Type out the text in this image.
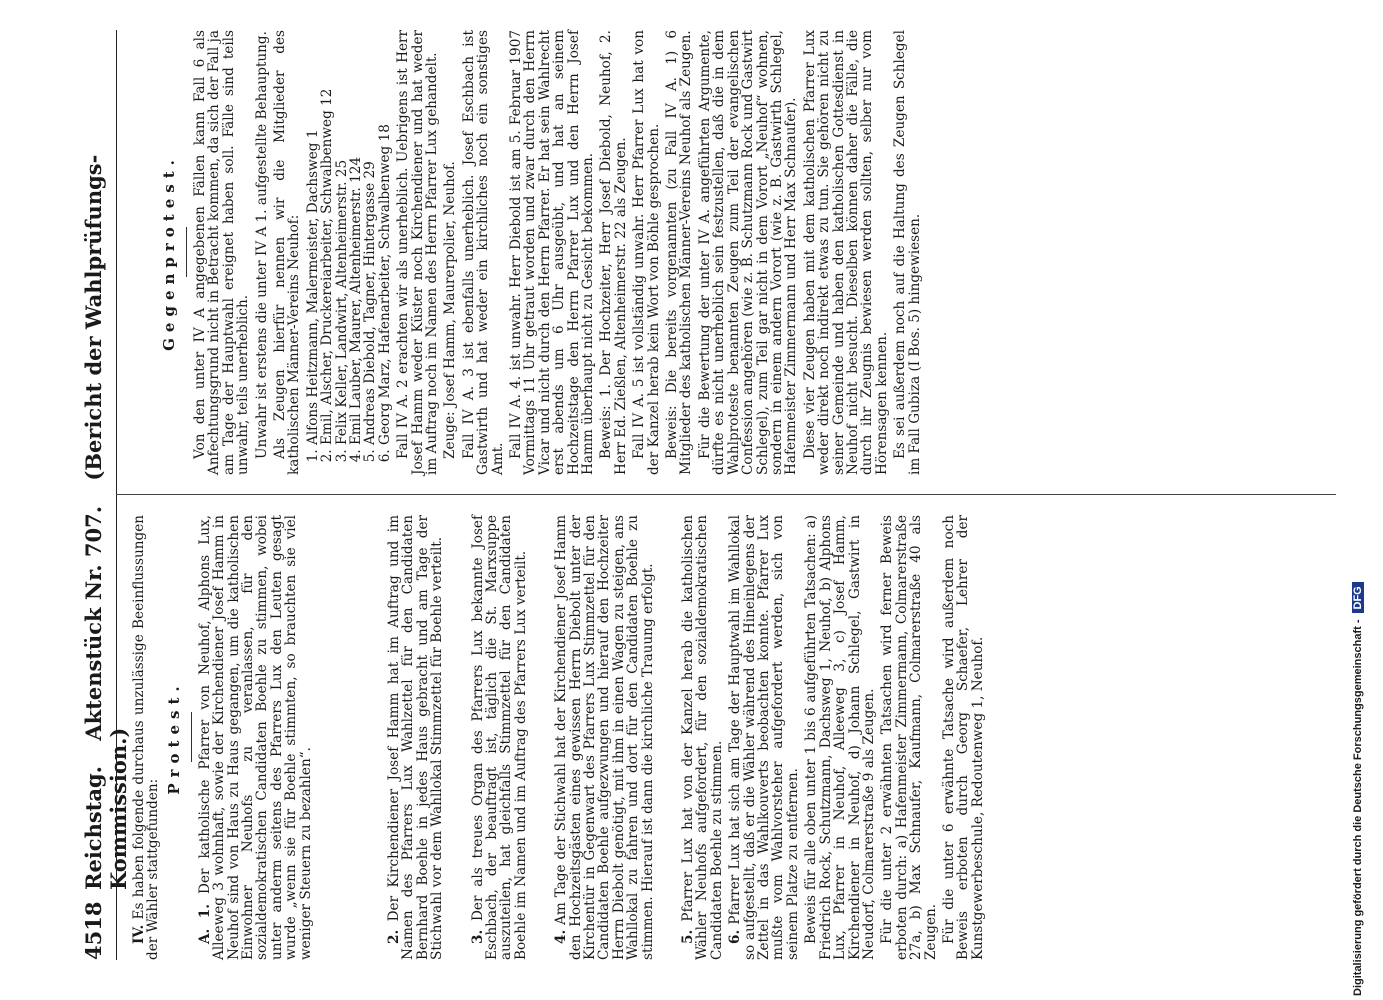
4518
Reichstag. Aktenstück Nr. 707. (Bericht der Wahlprüfungs-Kommission.)

IV. Es haben folgende durchaus unzulässige Beeinflussungen der Wähler stattgefunden:

Protest.

A. 1. Der katholische Pfarrer von Neuhof, Alphons Lux, Alleeweg 3 wohnhaft, sowie der Kirchendiener Josef Hamm in Neuhof sind von Haus zu Haus gegangen, um die katholischen Einwohner Neuhofs zu veranlassen, für den sozialdemokratischen Candidaten Boehle zu stimmen, wobei unter anderm seitens des Pfarrers Lux den Leuten gesagt wurde „wenn sie für Boehle stimmten, so brauchten sie viel weniger Steuern zu bezahlen“.	2. Der Kirchendiener Josef Hamm hat im Auftrag und im Namen des Pfarrers Lux Wahlzettel für den Candidaten Bernhard Boehle in jedes Haus gebracht und am Tage der Stichwahl vor dem Wahllokal Stimmzettel für Boehle verteilt. 3. Der als treues Organ des Pfarrers Lux bekannte Josef Eschbach, der beauftragt ist, täglich die St. Marxsuppe auszuteilen, hat gleichfalls Stimmzettel für den Candidaten Boehle im Namen und im Auftrag des Pfarrers Lux verteilt. 4. Am Tage der Stichwahl hat der Kirchendiener Josef Hamm den Hochzeitsgästen eines gewissen Herrn Diebolt unter der Kirchentür in Gegenwart des Pfarrers Lux Stimmzettel für den Candidaten Boehle aufgezwungen und hierauf den Hochzeiter Herrn Diebolt genötigt, mit ihm in einen Wagen zu steigen, ans Wahllokal zu fahren und dort für den Candidaten Boehle zu stimmen. Hierauf ist dann die kirchliche Trauung erfolgt. 5. Pfarrer Lux hat von der Kanzel herab die katholischen Wähler Neuhofs aufgefordert, für den sozialdemokratischen Candidaten Boehle zu stimmen. 6. Pfarrer Lux hat sich am Tage der Hauptwahl im Wahllokal so aufgestellt, daß er die Wähler während des Hineinlegens der Zettel in das Wahlkouverts beobachten konnte. Pfarrer Lux mußte vom Wahlvorsteher aufgefordert werden, sich von seinem Platze zu entfernen. Beweis für alle oben unter 1 bis 6 aufgeführten Tatsachen: a) Friedrich Rock, Schutzmann, Dachsweg 1, Neuhof, b) Alphons Lux, Pfarrer in Neuhof, Alleeweg 3, c) Josef Hamm, Kirchendiener in Neuhof, d) Johann Schlegel, Gastwirt in Neudorf, Colmarerstraße 9 als Zeugen. Für die unter 2 erwähnten Tatsachen wird ferner Beweis erboten durch: a) Hafenmeister Zimmermann, Colmarerstraße 27a, b) Max Schnaufer, Kaufmann, Colmarerstraße 40 als Zeugen. Für die unter 6 erwähnte Tatsache wird außerdem noch Beweis erboten durch Georg Schaefer, Lehrer der Kunstgewerbeschule, Redoutenweg 1, Neuhof.

Gegenprotest. Von den unter IV A angegebenen Fällen kann Fall 6 als Anfechtungsgrund nicht in Betracht kommen, da sich der Fall ja am Tage der Hauptwahl ereignet haben soll. Fälle sind teils unwahr, teils unerheblich. Unwahr ist erstens die unter IV A 1. aufgestellte Behauptung. Als Zeugen hierfür nennen wir die Mitglieder des katholischen Männer-Vereins Neuhof:

1. Alfons Heitzmann, Malermeister, Dachsweg 1
2. Emil, Alscher, Druckereiarbeiter, Schwalbenweg 12
3. Felix Keller, Landwirt, Altenheimerstr. 25
4. Emil Lauber, Maurer, Altenheimerstr. 124
5. Andreas Diebold, Tagner, Hintergasse 29
6. Georg Marz, Hafenarbeiter, Schwalbenweg 18 Fall IV A. 2 erachten wir als unerheblich. Uebrigens ist Herr Josef Hamm weder Küster noch Kirchendiener und hat weder im Auftrag noch im Namen des Herrn Pfarrer Lux gehandelt. Zeuge: Josef Hamm, Maurerpolier, Neuhof. Fall IV A. 3 ist ebenfalls unerheblich. Josef Eschbach ist Gastwirth und hat weder ein kirchliches noch ein sonstiges Amt. Fall IV A. 4. ist unwahr. Herr Diebold ist am 5. Februar 1907 Vormittags 11 Uhr getraut worden und zwar durch den Herrn Vicar und nicht durch den Herrn Pfarrer. Er hat sein Wahlrecht erst abends um 6 Uhr ausgeübt, und hat an seinem Hochzeitstage den Herrn Pfarrer Lux und den Herrn Josef Hamm überhaupt nicht zu Gesicht bekommen. Beweis: 1. Der Hochzeiter, Herr Josef Diebold, Neuhof, 2. Herr Ed. Zießlen, Altenheimerstr. 22 als Zeugen. Fall IV A. 5 ist vollständig unwahr. Herr Pfarrer Lux hat von der Kanzel herab kein Wort von Böhle gesprochen. Beweis: Die bereits vorgenannten (zu Fall IV A. 1) 6 Mitglieder des katholischen Männer-Vereins Neuhof als Zeugen. Für die Bewertung der unter IV A. angeführten Argumente, dürfte es nicht unerheblich sein festzustellen, daß die in dem Wahlproteste benannten Zeugen zum Teil der evangelischen Confession angehören (wie z. B. Schutzmann Rock und Gastwirt Schlegel), zum Teil gar nicht in dem Vorort „Neuhof“ wohnen, sondern in einem andern Vorort (wie z. B. Gastwirth Schlegel, Hafenmeister Zimmermann und Herr Max Schnaufer). Diese vier Zeugen haben mit dem katholischen Pfarrer Lux weder direkt noch indirekt etwas zu tun. Sie gehören nicht zu seiner Gemeinde und haben den katholischen Gottesdienst in Neuhof nicht besucht. Dieselben können daher die Fälle, die durch ihr Zeugnis bewiesen werden sollten, selber nur vom Hörensagen kennen. Es sei außerdem noch auf die Haltung des Zeugen Schlegel im Fall Gubiza (I Bos. 5) hingewiesen.

Digitalisierung gefördert durch die Deutsche Forschungsgemeinschaft -DFG
